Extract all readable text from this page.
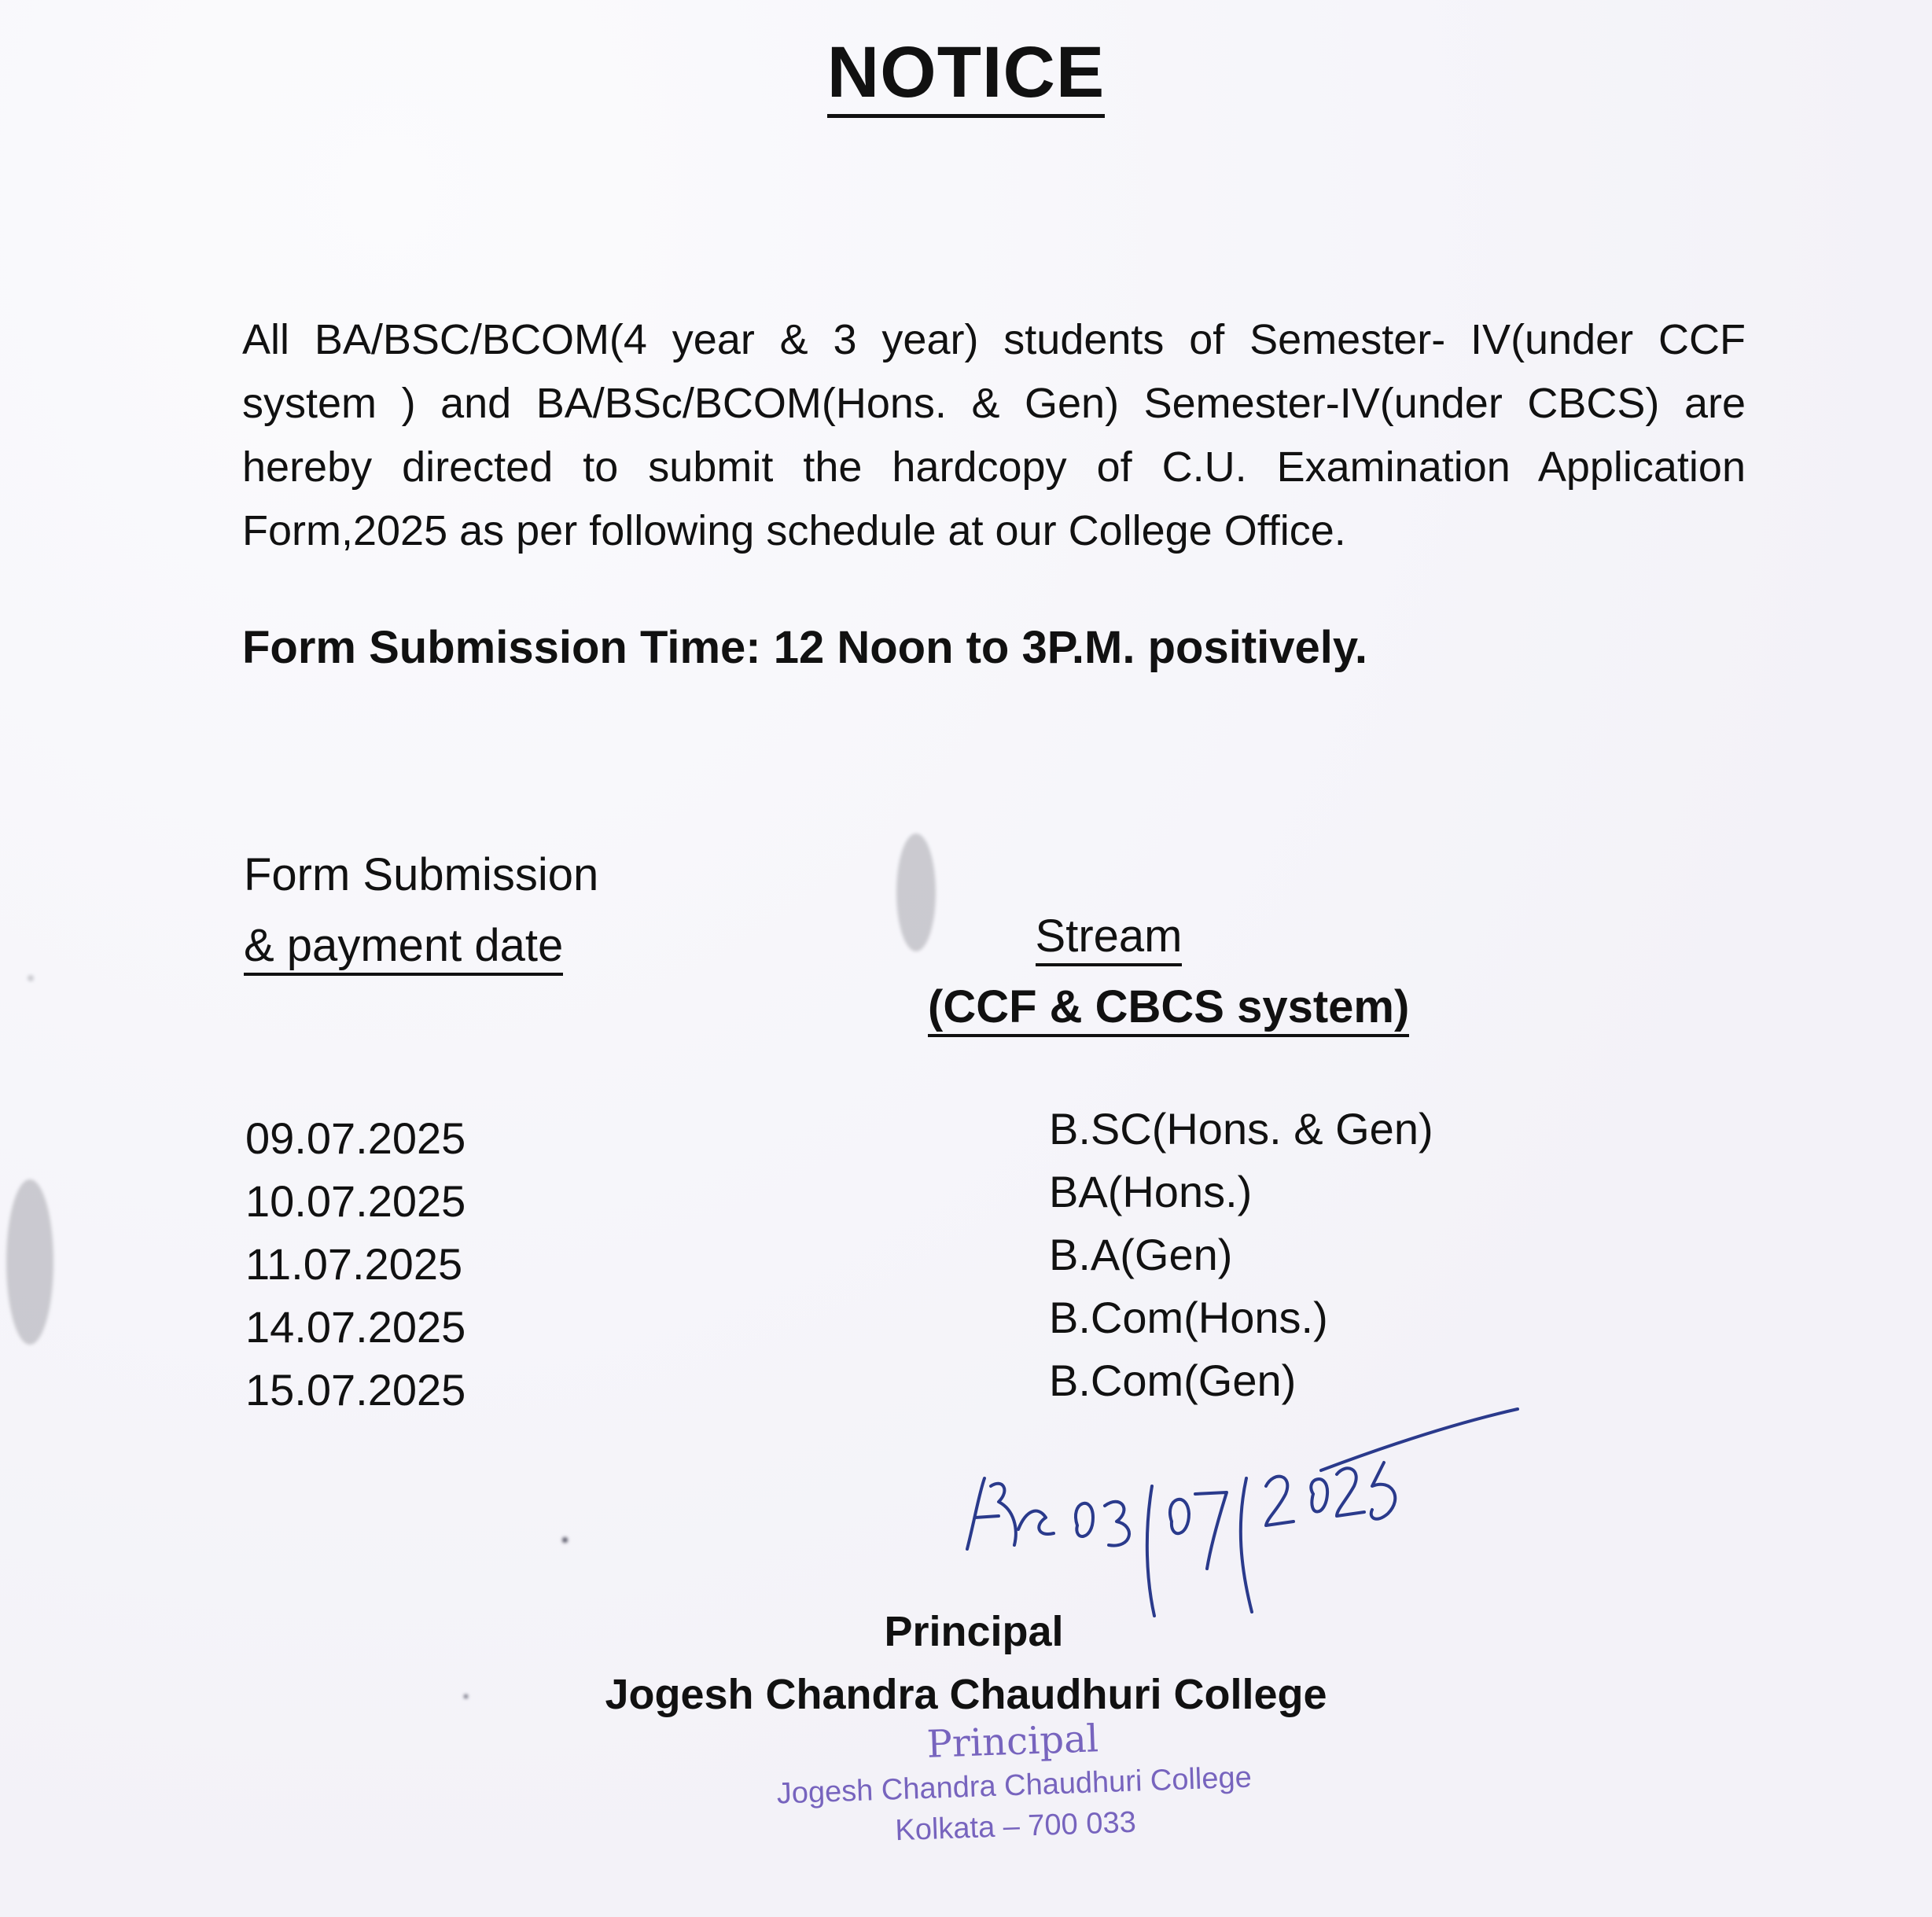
NOTICE
All BA/BSC/BCOM(4 year & 3 year) students of Semester- IV(under CCF system ) and BA/BSc/BCOM(Hons. & Gen) Semester-IV(under CBCS) are hereby directed to submit the hardcopy of C.U. Examination Application Form,2025 as per following schedule at our College Office.
Form Submission Time: 12 Noon to 3P.M. positively.
Form Submission
& payment date	Stream
(CCF & CBCS system)
09.07.2025
10.07.2025
11.07.2025
14.07.2025
15.07.2025
B.SC(Hons. & Gen)
BA(Hons.)
B.A(Gen)
B.Com(Hons.)
B.Com(Gen)
Principal
Jogesh Chandra Chaudhuri College
Principal
Jogesh Chandra Chaudhuri College
Kolkata – 700 033
